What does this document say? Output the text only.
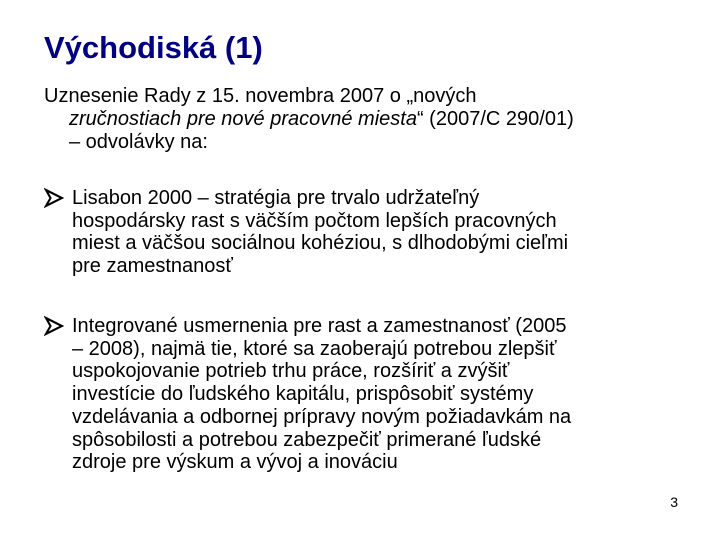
Východiská (1)
Uznesenie Rady z 15. novembra 2007 o „nových
zručnostiach pre nové pracovné miesta“ (2007/C 290/01)
– odvolávky na:
Lisabon 2000 – stratégia pre trvalo udržateľný
hospodársky rast s väčším počtom lepších pracovných
miest a väčšou sociálnou kohéziou, s dlhodobými cieľmi
pre zamestnanosť
Integrované usmernenia pre rast a zamestnanosť (2005
– 2008), najmä tie, ktoré sa zaoberajú potrebou zlepšiť
uspokojovanie potrieb trhu práce, rozšíriť a zvýšiť
investície do ľudského kapitálu, prispôsobiť systémy
vzdelávania a odbornej prípravy novým požiadavkám na
spôsobilosti a potrebou zabezpečiť primerané ľudské
zdroje pre výskum a vývoj a inováciu
3
